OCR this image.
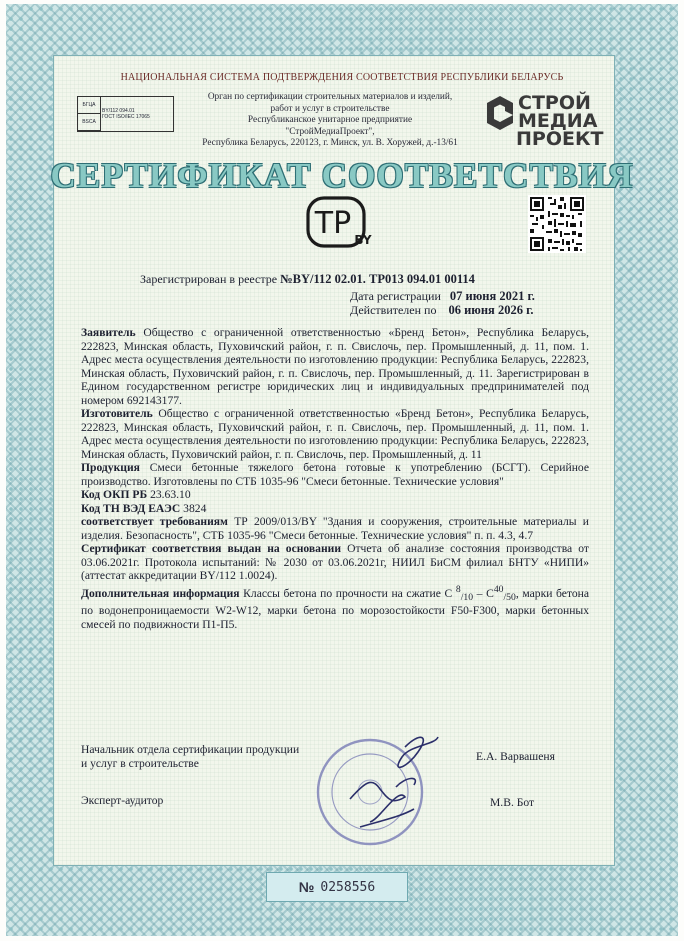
НАЦИОНАЛЬНАЯ СИСТЕМА ПОДТВЕРЖДЕНИЯ СООТВЕТСТВИЯ РЕСПУБЛИКИ БЕЛАРУСЬ
БГЦА
BSCA
BY/112 094.01
ГОСТ ISO/IEC 17065
Орган по сертификации строительных материалов и изделий,
работ и услуг в строительстве
Республиканское унитарное предприятие
"СтройМедиаПроект",
Республика Беларусь, 220123, г. Минск, ул. В. Хоружей, д.-13/61
СТРОЙ
МЕДИА
ПРОЕКТ
СЕРТИФИКАТ СООТВЕТСТВИЯ
TP BY
Зарегистрирован в реестре №BY/112 02.01. ТР013 094.01 00114
Дата регистрации 07 июня 2021 г.
Действителен по 06 июня 2026 г.

Заявитель Общество с ограниченной ответственностью «Бренд Бетон», Республика Беларусь, 222823, Минская область, Пуховичский район, г. п. Свислочь, пер. Промышленный, д. 11, пом. 1. Адрес места осуществления деятельности по изготовлению продукции: Республика Беларусь, 222823, Минская область, Пуховичский район, г. п. Свислочь, пер. Промышленный, д. 11. Зарегистрирован в Едином государственном регистре юридических лиц и индивидуальных предпринимателей под номером 692143177.

Изготовитель Общество с ограниченной ответственностью «Бренд Бетон», Республика Беларусь, 222823, Минская область, Пуховичский район, г. п. Свислочь, пер. Промышленный, д. 11, пом. 1. Адрес места осуществления деятельности по изготовлению продукции: Республика Беларусь, 222823, Минская область, Пуховичский район, г. п. Свислочь, пер. Промышленный, д. 11

Продукция Смеси бетонные тяжелого бетона готовые к употреблению (БСГТ). Серийное производство. Изготовлены по СТБ 1035-96 "Смеси бетонные. Технические условия"

Код ОКП РБ 23.63.10

Код ТН ВЭД ЕАЭС 3824

соответствует требованиям ТР 2009/013/BY "Здания и сооружения, строительные материалы и изделия. Безопасность", СТБ 1035-96 "Смеси бетонные. Технические условия" п. п. 4.3, 4.7

Сертификат соответствия выдан на основании Отчета об анализе состояния производства от 03.06.2021г. Протокола испытаний: № 2030 от 03.06.2021г, НИИЛ БиСМ филиал БНТУ «НИПИ» (аттестат аккредитации BY/112 1.0024).

Дополнительная информация Классы бетона по прочности на сжатие С $^8_{/10} - C^{40}_{/50}$, марки бетона по водонепроницаемости W2-W12, марки бетона по морозостойкости F50-F300, марки бетонных смесей по подвижности П1-П5.

Начальник отдела сертификации продукции
и услуг в строительстве	Е.А. Варвашеня
Эксперт-аудитор	М.В. Бот
№ 0258556
